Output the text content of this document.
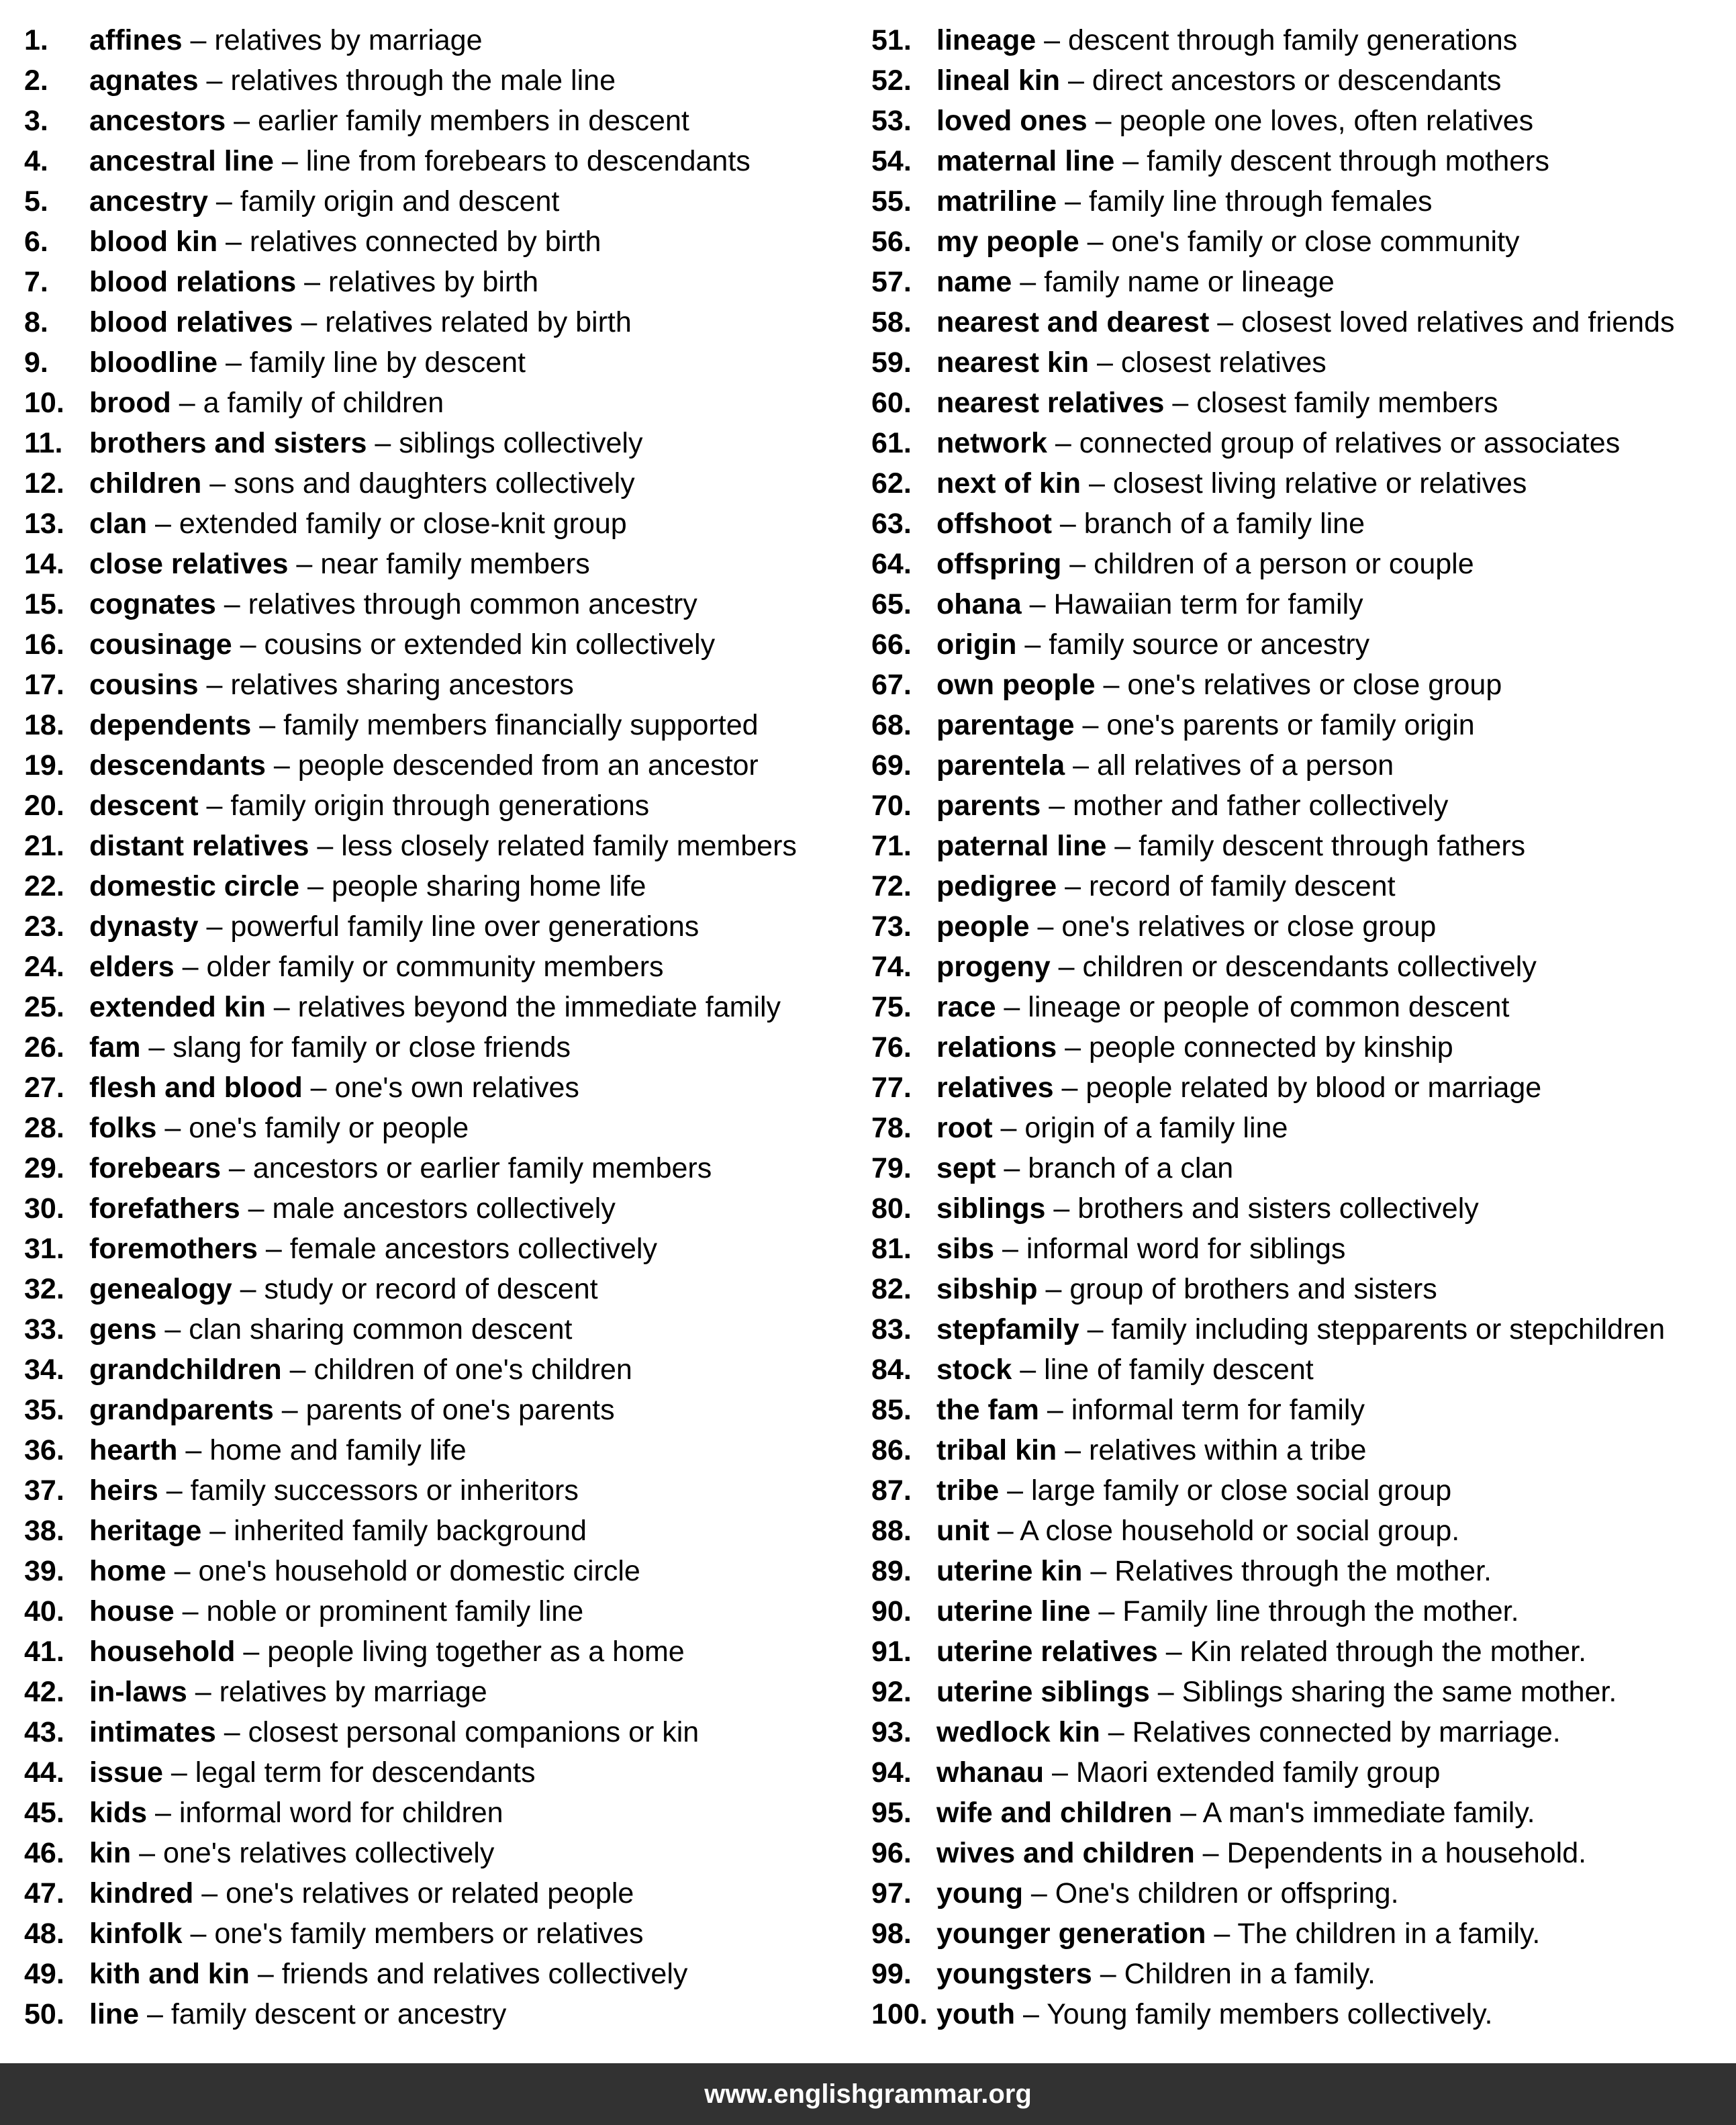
1. affines – relatives by marriage
2. agnates – relatives through the male line
3. ancestors – earlier family members in descent
4. ancestral line – line from forebears to descendants
5. ancestry – family origin and descent
6. blood kin – relatives connected by birth
7. blood relations – relatives by birth
8. blood relatives – relatives related by birth
9. bloodline – family line by descent
10. brood – a family of children
11. brothers and sisters – siblings collectively
12. children – sons and daughters collectively
13. clan – extended family or close-knit group
14. close relatives – near family members
15. cognates – relatives through common ancestry
16. cousinage – cousins or extended kin collectively
17. cousins – relatives sharing ancestors
18. dependents – family members financially supported
19. descendants – people descended from an ancestor
20. descent – family origin through generations
21. distant relatives – less closely related family members
22. domestic circle – people sharing home life
23. dynasty – powerful family line over generations
24. elders – older family or community members
25. extended kin – relatives beyond the immediate family
26. fam – slang for family or close friends
27. flesh and blood – one's own relatives
28. folks – one's family or people
29. forebears – ancestors or earlier family members
30. forefathers – male ancestors collectively
31. foremothers – female ancestors collectively
32. genealogy – study or record of descent
33. gens – clan sharing common descent
34. grandchildren – children of one's children
35. grandparents – parents of one's parents
36. hearth – home and family life
37. heirs – family successors or inheritors
38. heritage – inherited family background
39. home – one's household or domestic circle
40. house – noble or prominent family line
41. household – people living together as a home
42. in-laws – relatives by marriage
43. intimates – closest personal companions or kin
44. issue – legal term for descendants
45. kids – informal word for children
46. kin – one's relatives collectively
47. kindred – one's relatives or related people
48. kinfolk – one's family members or relatives
49. kith and kin – friends and relatives collectively
50. line – family descent or ancestry
51. lineage – descent through family generations
52. lineal kin – direct ancestors or descendants
53. loved ones – people one loves, often relatives
54. maternal line – family descent through mothers
55. matriline – family line through females
56. my people – one's family or close community
57. name – family name or lineage
58. nearest and dearest – closest loved relatives and friends
59. nearest kin – closest relatives
60. nearest relatives – closest family members
61. network – connected group of relatives or associates
62. next of kin – closest living relative or relatives
63. offshoot – branch of a family line
64. offspring – children of a person or couple
65. ohana – Hawaiian term for family
66. origin – family source or ancestry
67. own people – one's relatives or close group
68. parentage – one's parents or family origin
69. parentela – all relatives of a person
70. parents – mother and father collectively
71. paternal line – family descent through fathers
72. pedigree – record of family descent
73. people – one's relatives or close group
74. progeny – children or descendants collectively
75. race – lineage or people of common descent
76. relations – people connected by kinship
77. relatives – people related by blood or marriage
78. root – origin of a family line
79. sept – branch of a clan
80. siblings – brothers and sisters collectively
81. sibs – informal word for siblings
82. sibship – group of brothers and sisters
83. stepfamily – family including stepparents or stepchildren
84. stock – line of family descent
85. the fam – informal term for family
86. tribal kin – relatives within a tribe
87. tribe – large family or close social group
88. unit – A close household or social group.
89. uterine kin – Relatives through the mother.
90. uterine line – Family line through the mother.
91. uterine relatives – Kin related through the mother.
92. uterine siblings – Siblings sharing the same mother.
93. wedlock kin – Relatives connected by marriage.
94. whanau – Maori extended family group
95. wife and children – A man's immediate family.
96. wives and children – Dependents in a household.
97. young – One's children or offspring.
98. younger generation – The children in a family.
99. youngsters – Children in a family.
100. youth – Young family members collectively.
www.englishgrammar.org
